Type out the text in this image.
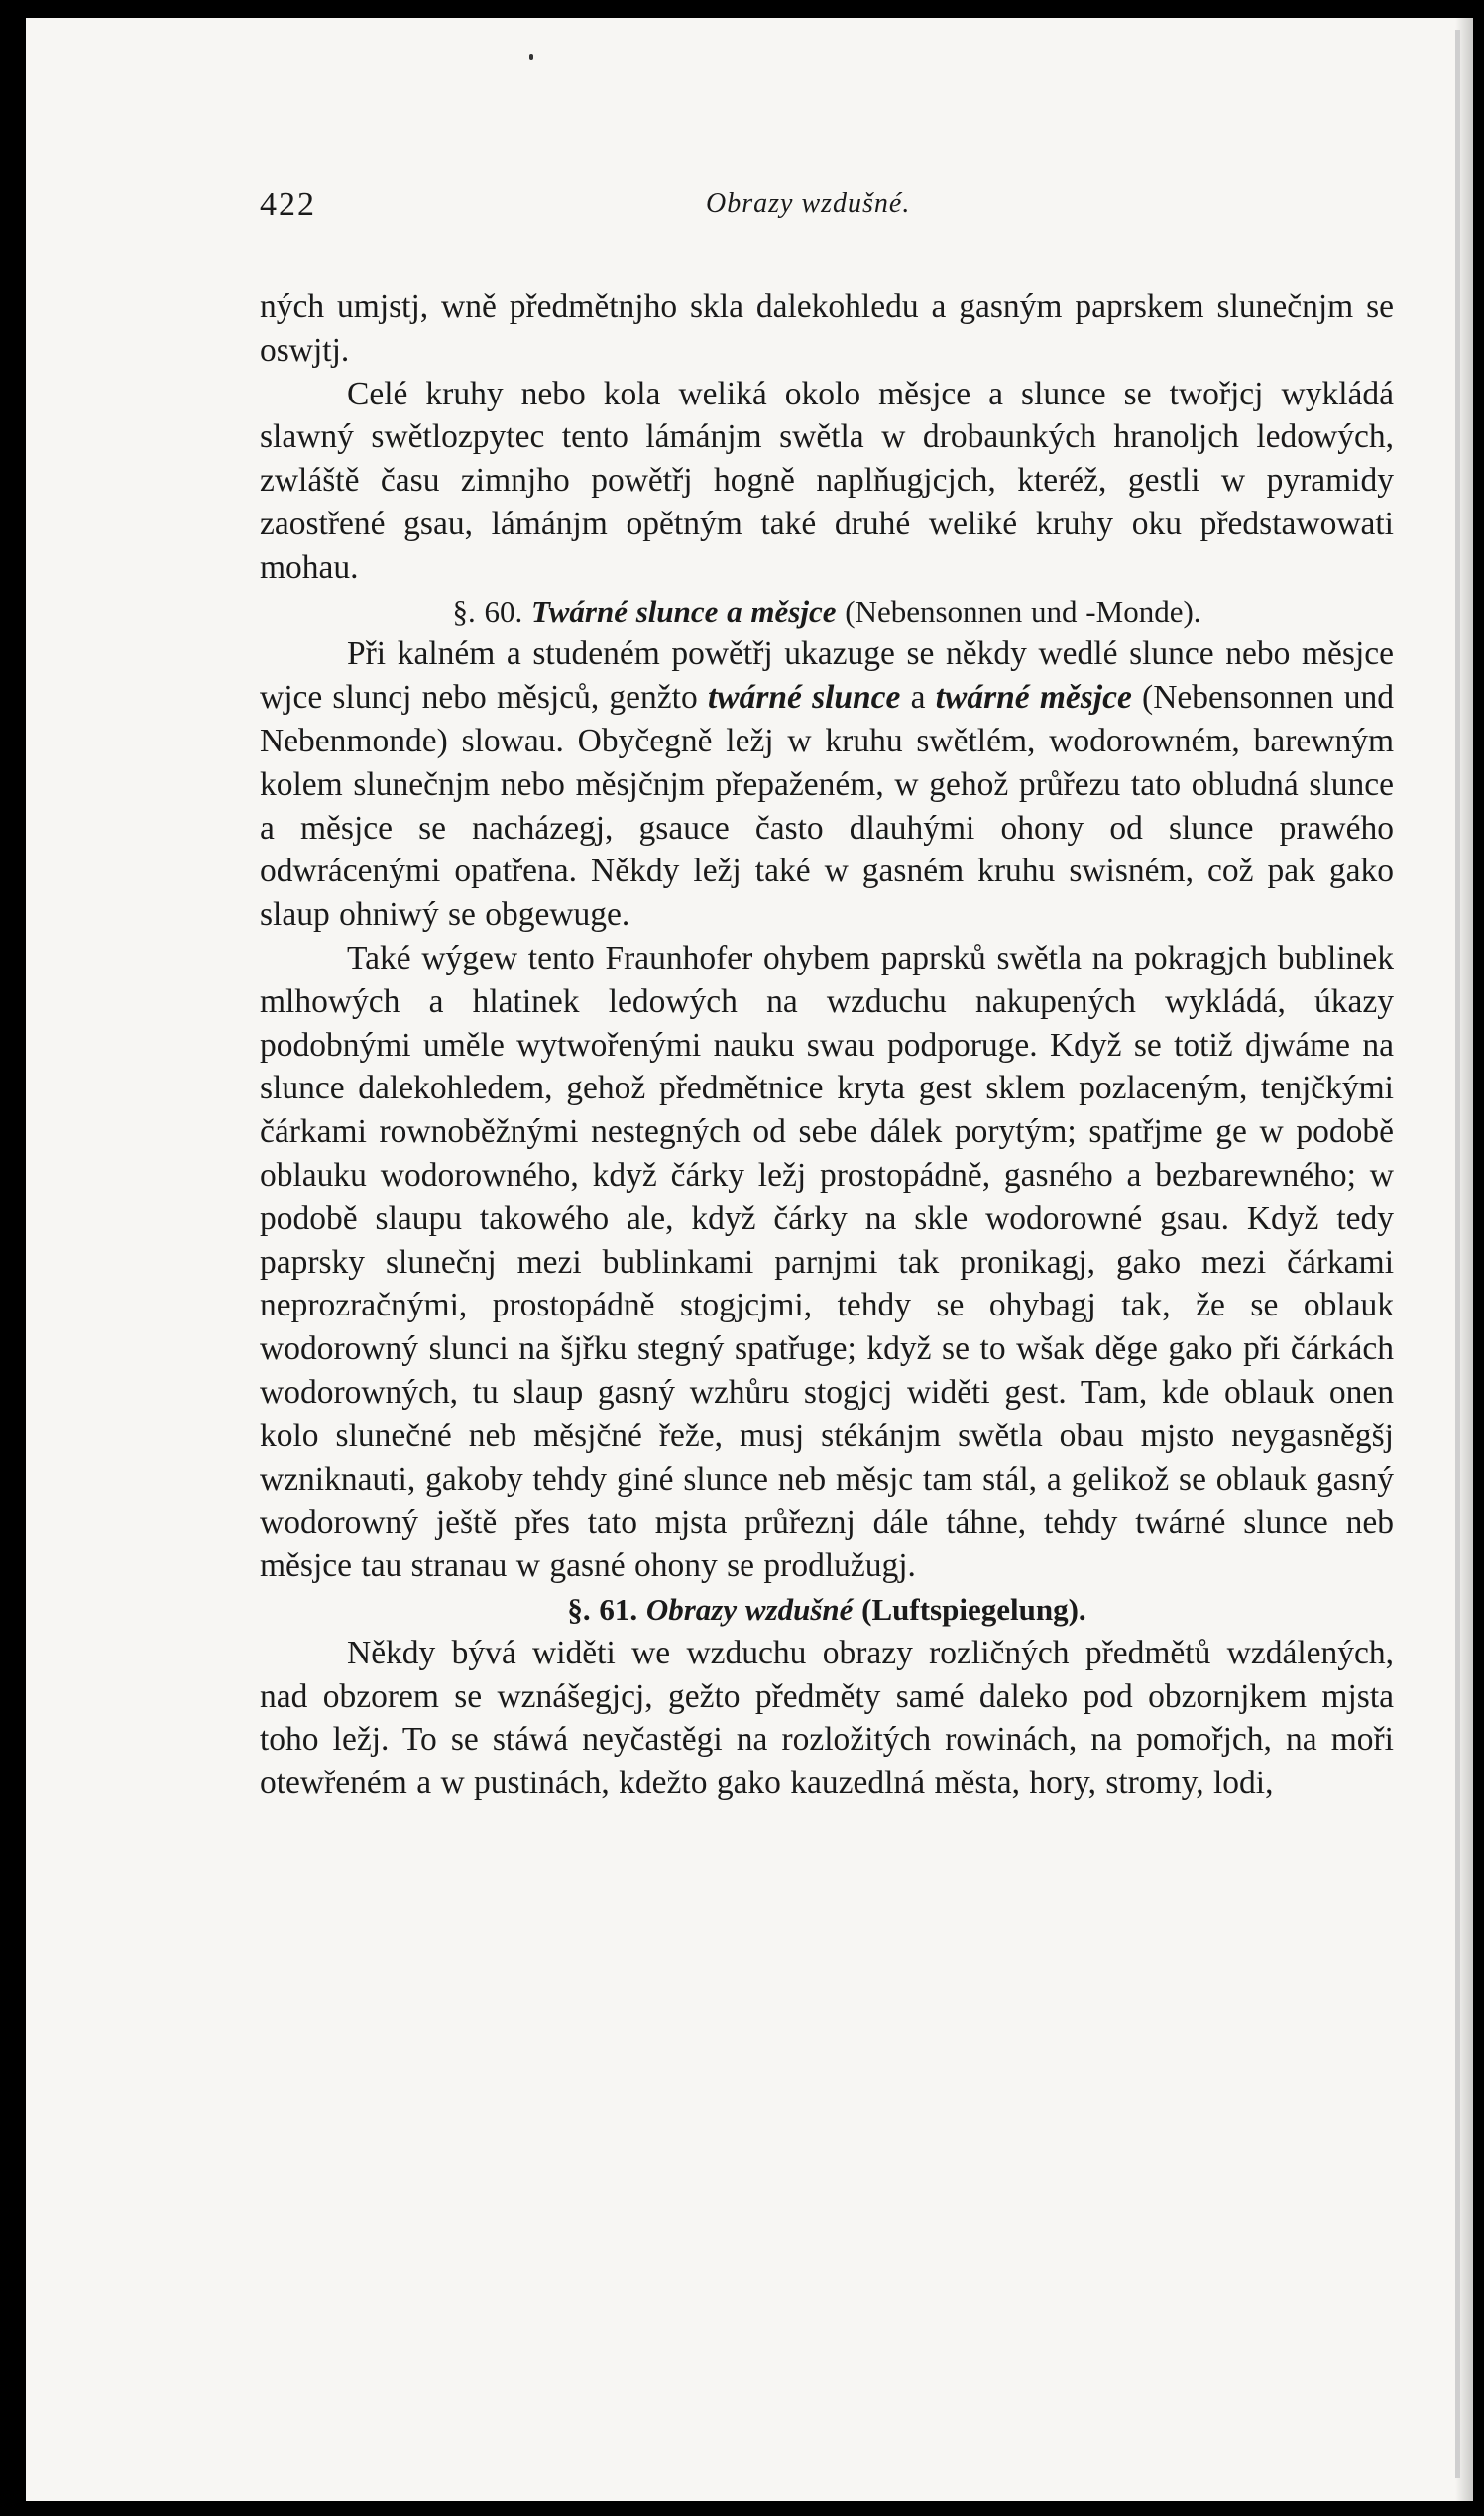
422	Obrazy wzdušné.

ných umjstj, wně předmětnjho skla dalekohledu a gasným paprskem slunečnjm se oswjtj.

Celé kruhy nebo kola weliká okolo měsjce a slunce se twořjcj wykládá slawný swětlozpytec tento lámánjm swětla w drobaunkých hranoljch ledowých, zwláště času zimnjho powětřj hogně naplňugjcjch, kteréž, gestli w pyramidy zaostřené gsau, lámánjm opětným také druhé weliké kruhy oku předstawowati mohau.

§. 60. Twárné slunce a měsjce (Nebensonnen und -Monde).

Při kalném a studeném powětřj ukazuge se někdy wedlé slunce nebo měsjce wjce sluncj nebo měsjců, genžto twárné slunce a twárné měsjce (Nebensonnen und Nebenmonde) slowau. Obyčegně ležj w kruhu swětlém, wodorowném, barewným kolem slunečnjm nebo měsjčnjm přepaženém, w gehož průřezu tato obludná slunce a měsjce se nacházegj, gsauce často dlauhými ohony od slunce prawého odwrácenými opatřena. Někdy ležj také w gasném kruhu swisném, což pak gako slaup ohniwý se obgewuge.

Také wýgew tento Fraunhofer ohybem paprsků swětla na pokragjch bublinek mlhowých a hlatinek ledowých na wzduchu nakupených wykládá, úkazy podobnými uměle wytwořenými nauku swau podporuge. Když se totiž djwáme na slunce dalekohledem, gehož předmětnice kryta gest sklem pozlaceným, tenjčkými čárkami rownoběžnými nestegných od sebe dálek porytým; spatřjme ge w podobě oblauku wodorowného, když čárky ležj prostopádně, gasného a bezbarewného; w podobě slaupu takowého ale, když čárky na skle wodorowné gsau. Když tedy paprsky slunečnj mezi bublinkami parnjmi tak pronikagj, gako mezi čárkami neprozračnými, prostopádně stogjcjmi, tehdy se ohybagj tak, že se oblauk wodorowný slunci na šjřku stegný spatřuge; když se to wšak děge gako při čárkách wodorowných, tu slaup gasný wzhůru stogjcj widěti gest. Tam, kde oblauk onen kolo slunečné neb měsjčné řeže, musj stékánjm swětla obau mjsto neygasněgšj wzniknauti, gakoby tehdy giné slunce neb měsjc tam stál, a gelikož se oblauk gasný wodorowný ještě přes tato mjsta průřeznj dále táhne, tehdy twárné slunce neb měsjce tau stranau w gasné ohony se prodlužugj.

§. 61. Obrazy wzdušné (Luftspiegelung).

Někdy bývá widěti we wzduchu obrazy rozličných předmětů wzdálených, nad obzorem se wznášegjcj, gežto předměty samé daleko pod obzornjkem mjsta toho ležj. To se stáwá neyčastěgi na rozložitých rowinách, na pomořjch, na moři otewřeném a w pustinách, kdežto gako kauzedlná města, hory, stromy, lodi,
